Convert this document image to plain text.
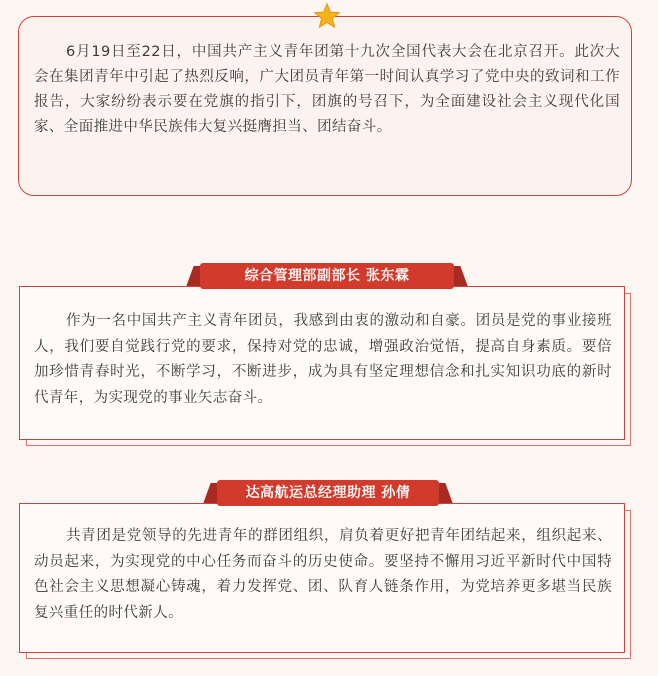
6月19日至22日，中国共产主义青年团第十九次全国代表大会在北京召开。此次大会在集团青年中引起了热烈反响，广大团员青年第一时间认真学习了党中央的致词和工作报告，大家纷纷表示要在党旗的指引下，团旗的号召下，为全面建设社会主义现代化国家、全面推进中华民族伟大复兴挺膺担当、团结奋斗。

作为一名中国共产主义青年团员，我感到由衷的激动和自豪。团员是党的事业接班人，我们要自觉践行党的要求，保持对党的忠诚，增强政治觉悟，提高自身素质。要倍加珍惜青春时光，不断学习，不断进步，成为具有坚定理想信念和扎实知识功底的新时代青年，为实现党的事业矢志奋斗。

综合管理部副部长 张东霖

共青团是党领导的先进青年的群团组织，肩负着更好把青年团结起来，组织起来、动员起来，为实现党的中心任务而奋斗的历史使命。要坚持不懈用习近平新时代中国特色社会主义思想凝心铸魂，着力发挥党、团、队育人链条作用，为党培养更多堪当民族复兴重任的时代新人。

达高航运总经理助理 孙倩
